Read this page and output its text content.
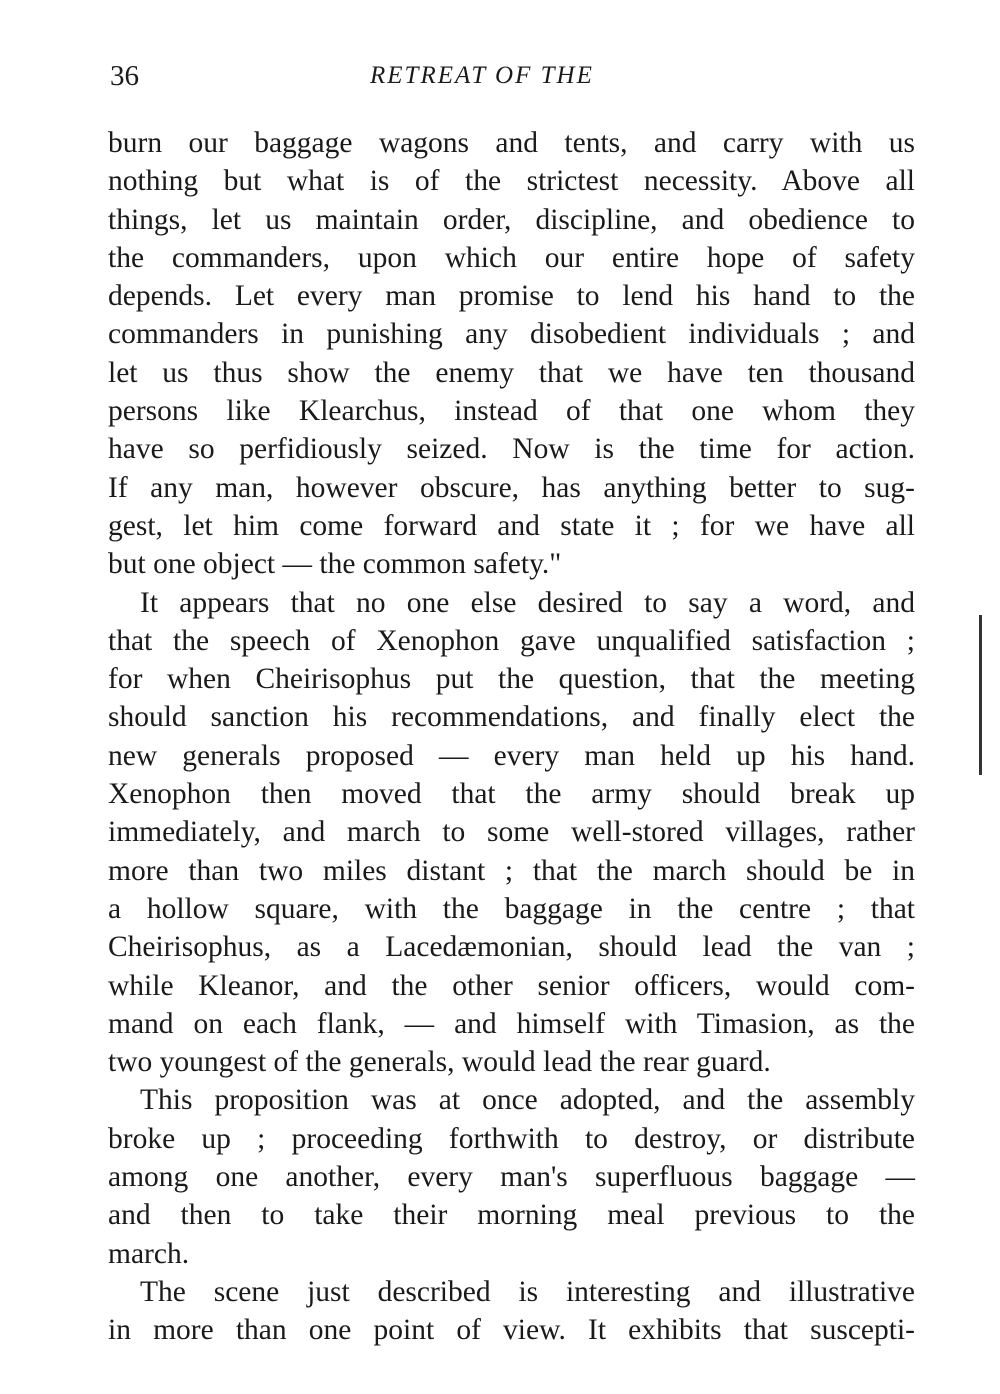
36	RETREAT OF THE
burn our baggage wagons and tents, and carry with us
nothing but what is of the strictest necessity. Above all
things, let us maintain order, discipline, and obedience to
the commanders, upon which our entire hope of safety
depends. Let every man promise to lend his hand to the
commanders in punishing any disobedient individuals ; and
let us thus show the enemy that we have ten thousand
persons like Klearchus, instead of that one whom they
have so perfidiously seized. Now is the time for action.
If any man, however obscure, has anything better to sug-
gest, let him come forward and state it ; for we have all
but one object — the common safety."
It appears that no one else desired to say a word, and
that the speech of Xenophon gave unqualified satisfaction ;
for when Cheirisophus put the question, that the meeting
should sanction his recommendations, and finally elect the
new generals proposed — every man held up his hand.
Xenophon then moved that the army should break up
immediately, and march to some well-stored villages, rather
more than two miles distant ; that the march should be in
a hollow square, with the baggage in the centre ; that
Cheirisophus, as a Lacedæmonian, should lead the van ;
while Kleanor, and the other senior officers, would com-
mand on each flank, — and himself with Timasion, as the
two youngest of the generals, would lead the rear guard.
This proposition was at once adopted, and the assembly
broke up ; proceeding forthwith to destroy, or distribute
among one another, every man's superfluous baggage —
and then to take their morning meal previous to the
march.
The scene just described is interesting and illustrative
in more than one point of view. It exhibits that suscepti-
